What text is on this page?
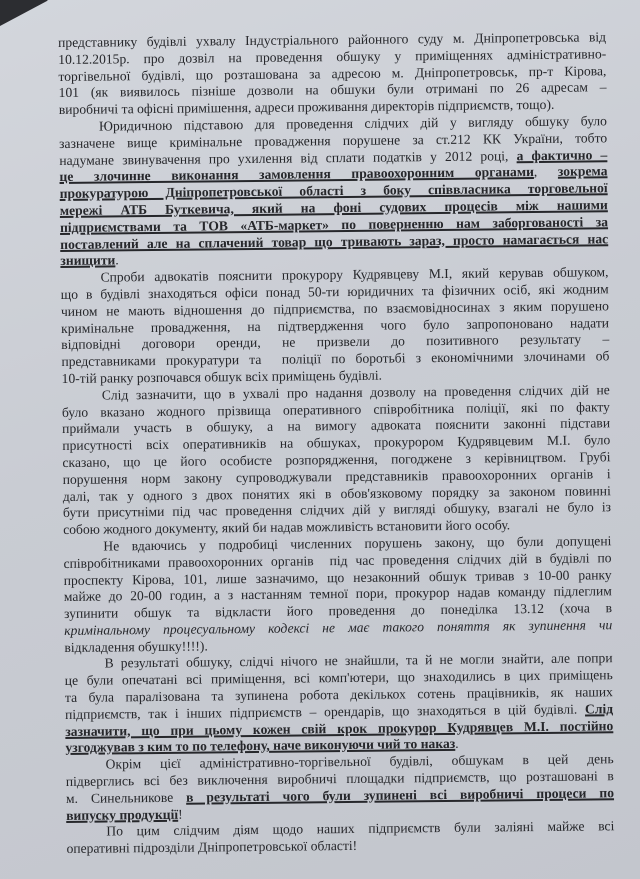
представнику будівлі ухвалу Індустріального районного суду м. Дніпропетровська від
10.12.2015р. про дозвіл на проведення обшуку у приміщеннях адміністративно-
торгівельної будівлі, що розташована за адресою м. Дніпропетровськ, пр-т Кірова,
101 (як виявилось пізніше дозволи на обшуки були отримані по 26 адресам –
виробничі та офісні примішення, адреси проживання директорів підприємств, тощо).
Юридичною підставою для проведення слідчих дій у вигляду обшуку було
зазначене вище кримінальне провадження порушене за ст.212 КК України, тобто
надумане звинувачення про ухилення від сплати податків у 2012 році, а фактично –
це злочинне виконання замовлення правоохоронним органами, зокрема
прокуратурою Дніпропетровської області з боку співвласника торговельної
мережі АТБ Буткевича, який на фоні судових процесів між нашими
підприємствами та ТОВ «АТБ-маркет» по поверненню нам заборгованості за
поставлений але на сплачений товар що тривають зараз, просто намагається нас
знищити.
Спроби адвокатів пояснити прокурору Кудрявцеву М.І, який керував обшуком,
що в будівлі знаходяться офіси понад 50-ти юридичних та фізичних осіб, які жодним
чином не мають відношення до підприємства, по взаємовідносинах з яким порушено
кримінальне провадження, на підтвердження чого було запропоновано надати
відповідні договори оренди, не призвели до позитивного результату –
представниками прокуратури та  поліції по боротьбі з економічними злочинами об
10-тій ранку розпочався обшук всіх приміщень будівлі.
Слід зазначити, що в ухвалі про надання дозволу на проведення слідчих дій не
було вказано жодного прізвища оперативного співробітника поліції, які по факту
приймали участь в обшуку, а на вимогу адвоката пояснити законні підстави
присутності всіх оперативників на обшуках, прокурором Кудрявцевим М.І. було
сказано, що це його особисте розпорядження, погоджене з керівництвом. Грубі
порушення норм закону супроводжували представників правоохоронних органів і
далі, так у одного з двох понятих які в обов'язковому порядку за законом повинні
бути присутніми під час проведення слідчих дій у вигляді обшуку, взагалі не було із
собою жодного документу, який би надав можливість встановити його особу.
Не вдаючись у подробиці численних порушень закону, що були допущені
співробітниками правоохоронних органів  під час проведення слідчих дій в будівлі по
проспекту Кірова, 101, лише зазначимо, що незаконний обшук тривав з 10-00 ранку
майже до 20-00 годин, а з настанням темної пори, прокурор надав команду підлеглим
зупинити обшук та відкласти його проведення до понеділка 13.12 (хоча в
кримінальному процесуальному кодексі не має такого поняття як зупинення чи
відкладення обушку!!!!).
В результаті обшуку, слідчі нічого не знайшли, та й не могли знайти, але попри
це були опечатані всі приміщення, всі комп'ютери, що знаходились в цих приміщень
та була паралізована та зупинена робота декількох сотень працівників, як наших
підприємств, так і інших підприємств – орендарів, що знаходяться в цій будівлі. Слід
зазначити, що при цьому кожен свій крок прокурор Кудрявцев М.І. постійно
узгоджував з ким то по телефону, наче виконуючи чий то наказ.
Окрім цієї адміністративно-торгівельної будівлі, обшукам в цей день
підверглись всі без виключення виробничі площадки підприємств, що розташовані в
м. Синельникове в результаті чого були зупинені всі виробничі процеси по
випуску продукції!
По цим слідчим діям щодо наших підприємств були заліяні майже всі
оперативні підрозділи Дніпропетровської області!
